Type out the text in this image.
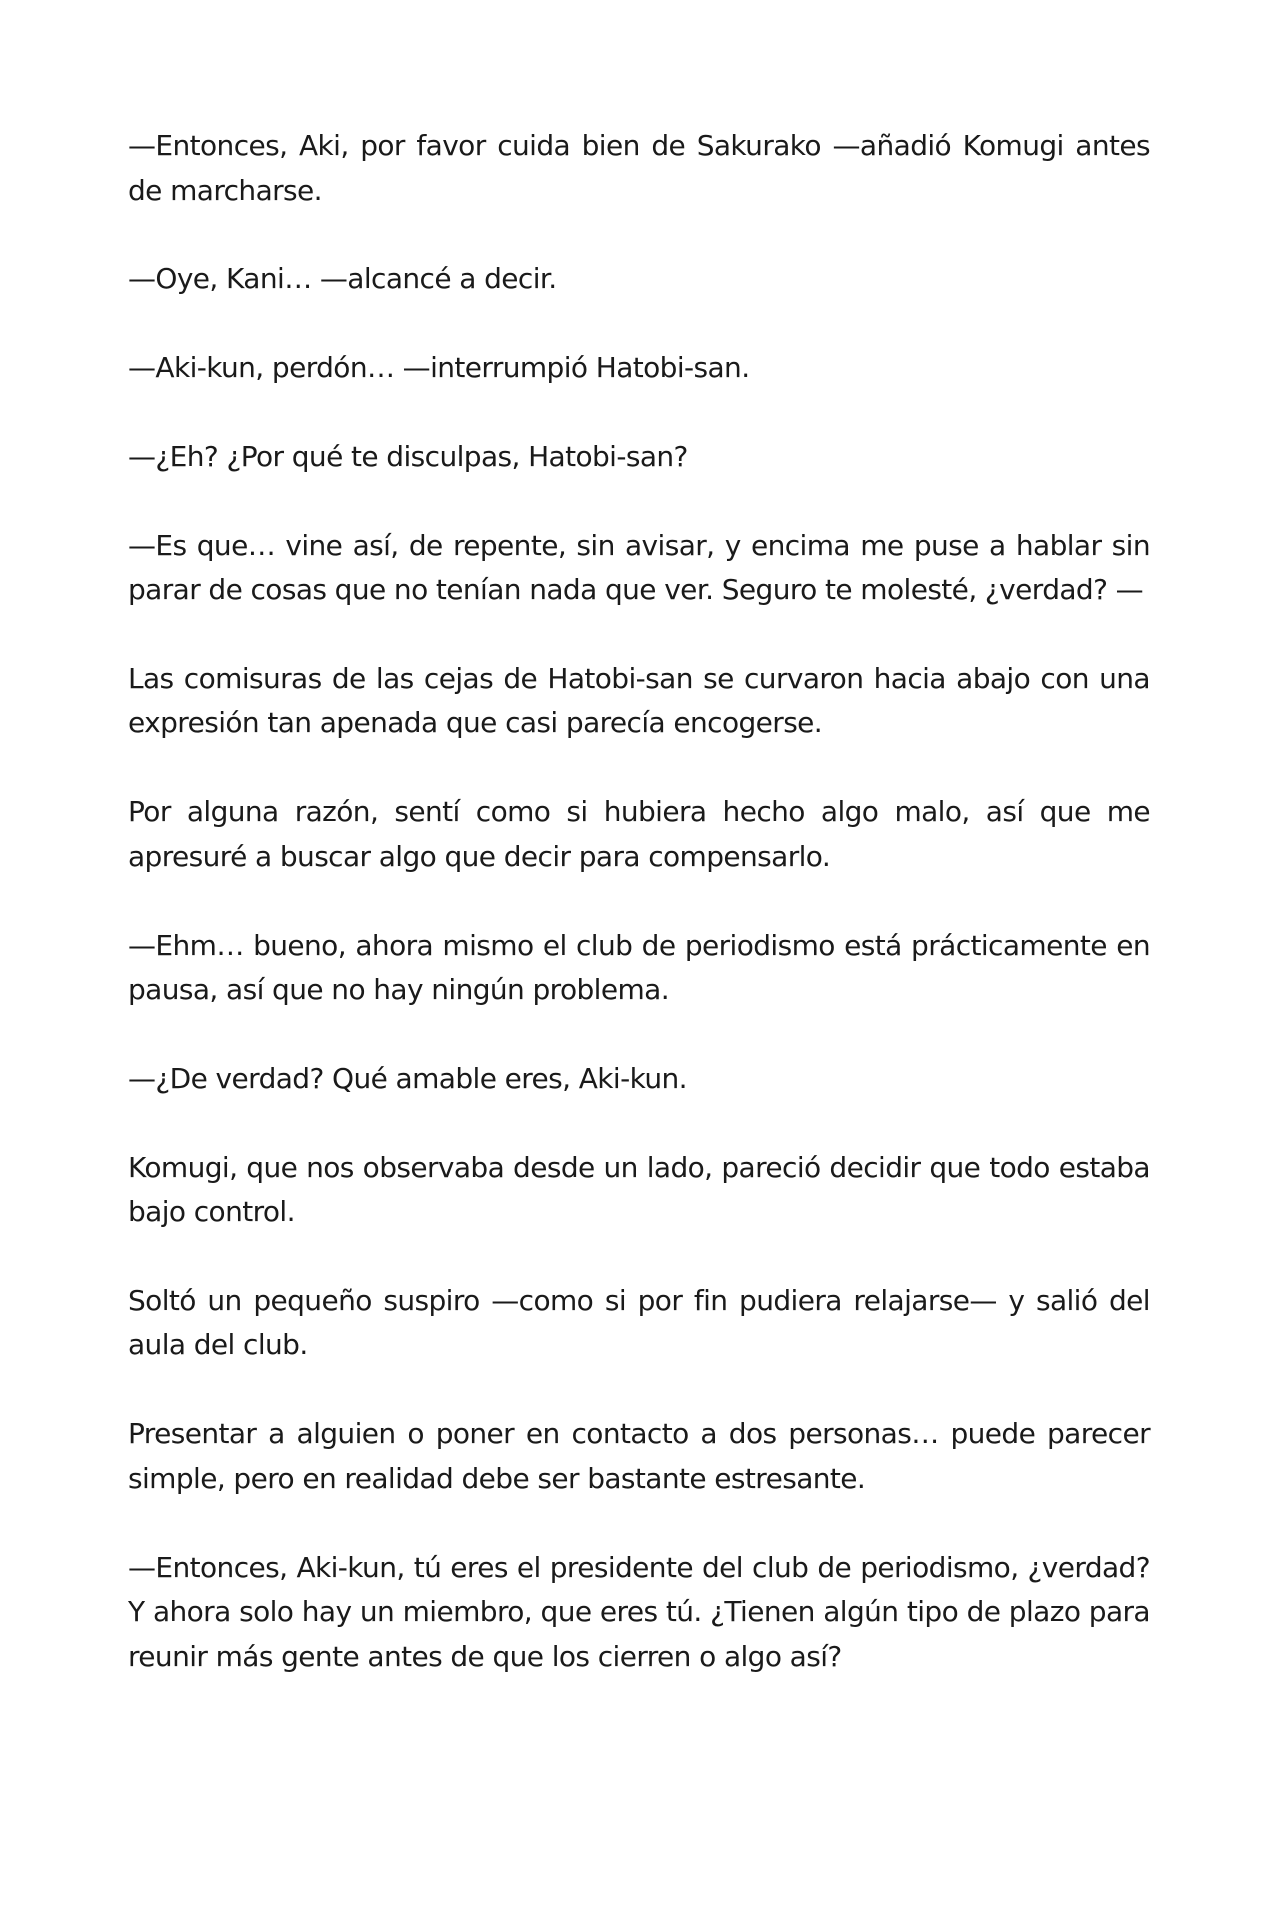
—Entonces, Aki, por favor cuida bien de Sakurako —añadió Komugi antes de marcharse.

—Oye, Kani… —alcancé a decir.

—Aki-kun, perdón… —interrumpió Hatobi-san.

—¿Eh? ¿Por qué te disculpas, Hatobi-san?

—Es que… vine así, de repente, sin avisar, y encima me puse a hablar sin parar de cosas que no tenían nada que ver. Seguro te molesté, ¿verdad? —

Las comisuras de las cejas de Hatobi-san se curvaron hacia abajo con una expresión tan apenada que casi parecía encogerse.

Por alguna razón, sentí como si hubiera hecho algo malo, así que me apresuré a buscar algo que decir para compensarlo.

—Ehm… bueno, ahora mismo el club de periodismo está prácticamente en pausa, así que no hay ningún problema.

—¿De verdad? Qué amable eres, Aki-kun.

Komugi, que nos observaba desde un lado, pareció decidir que todo estaba bajo control.

Soltó un pequeño suspiro —como si por fin pudiera relajarse— y salió del aula del club.

Presentar a alguien o poner en contacto a dos personas… puede parecer simple, pero en realidad debe ser bastante estresante.

—Entonces, Aki-kun, tú eres el presidente del club de periodismo, ¿verdad? Y ahora solo hay un miembro, que eres tú. ¿Tienen algún tipo de plazo para reunir más gente antes de que los cierren o algo así?
